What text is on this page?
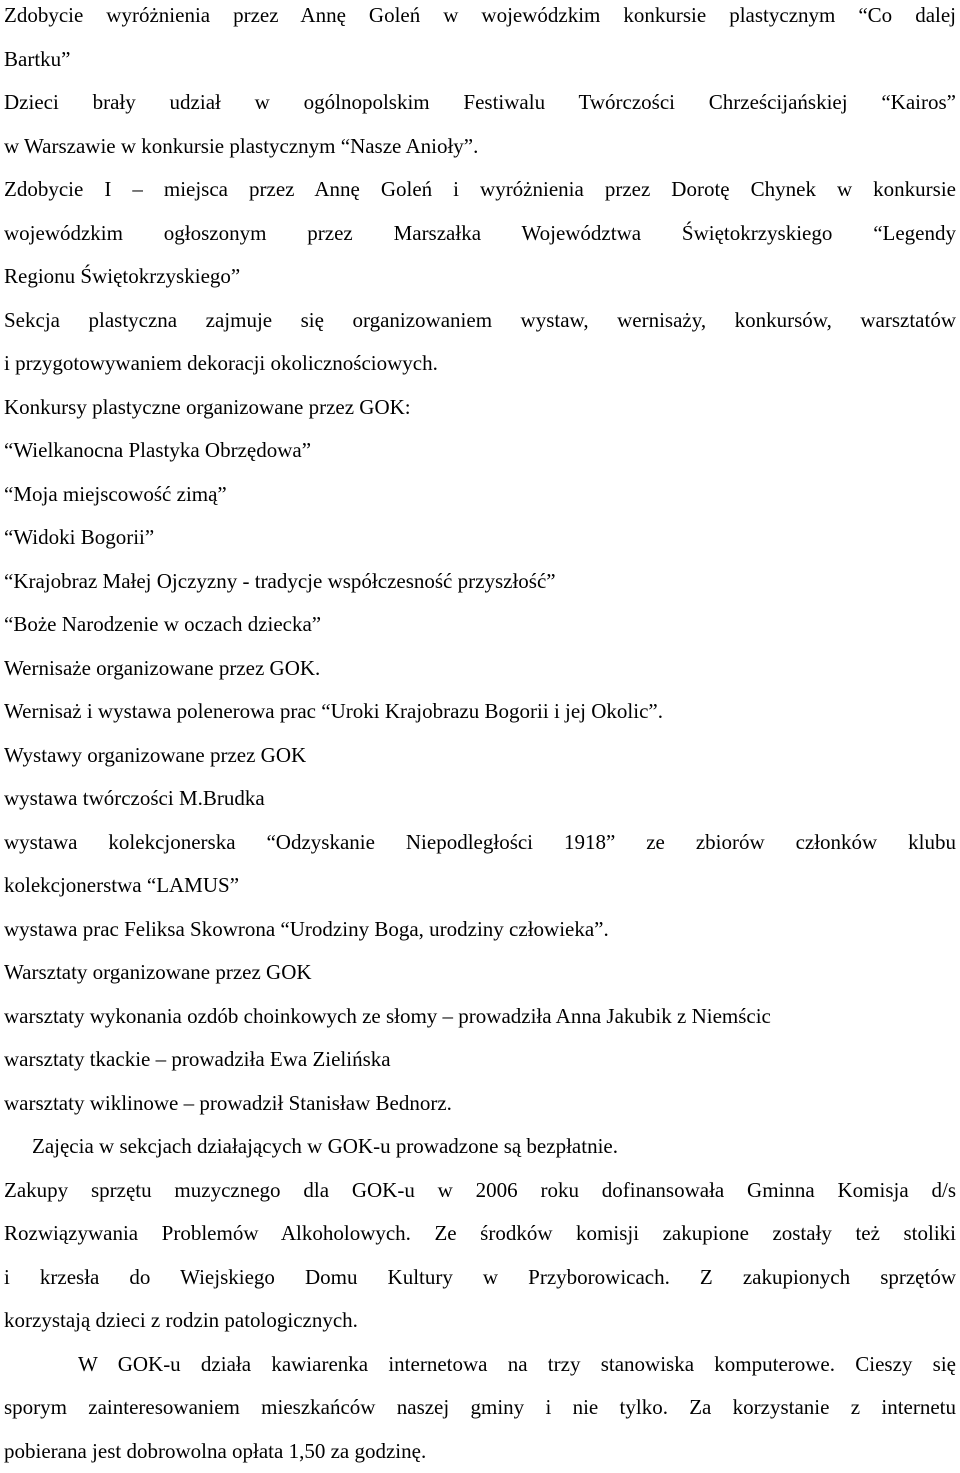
Zdobycie wyróżnienia przez Annę Goleń w wojewódzkim konkursie plastycznym “Co dalej

Bartku”

Dzieci brały udział w ogólnopolskim Festiwalu Twórczości Chrześcijańskiej “Kairos”

w Warszawie w konkursie plastycznym “Nasze Anioły”.

Zdobycie I – miejsca przez Annę Goleń i wyróżnienia przez Dorotę Chynek w konkursie

wojewódzkim ogłoszonym przez Marszałka Województwa Świętokrzyskiego “Legendy

Regionu Świętokrzyskiego”

Sekcja plastyczna zajmuje się organizowaniem wystaw, wernisaży, konkursów, warsztatów

i przygotowywaniem dekoracji okolicznościowych.

Konkursy plastyczne organizowane przez GOK:

“Wielkanocna Plastyka Obrzędowa”

“Moja miejscowość zimą”

“Widoki Bogorii”

“Krajobraz Małej Ojczyzny - tradycje współczesność przyszłość”

“Boże Narodzenie w oczach dziecka”

Wernisaże organizowane przez GOK.

Wernisaż i wystawa polenerowa prac “Uroki Krajobrazu Bogorii i jej Okolic”.

Wystawy organizowane przez GOK

wystawa twórczości M.Brudka

wystawa kolekcjonerska “Odzyskanie Niepodległości 1918” ze zbiorów członków klubu

kolekcjonerstwa “LAMUS”

wystawa prac Feliksa Skowrona “Urodziny Boga, urodziny człowieka”.

Warsztaty organizowane przez GOK

warsztaty wykonania ozdób choinkowych ze słomy – prowadziła Anna Jakubik z Niemścic

warsztaty tkackie – prowadziła Ewa Zielińska

warsztaty wiklinowe – prowadził Stanisław Bednorz.

Zajęcia w sekcjach działających w GOK-u prowadzone są bezpłatnie.

Zakupy sprzętu muzycznego dla GOK-u w 2006 roku dofinansowała Gminna Komisja d/s

Rozwiązywania Problemów Alkoholowych. Ze środków komisji zakupione zostały też stoliki

i krzesła do Wiejskiego Domu Kultury w Przyborowicach. Z zakupionych sprzętów

korzystają dzieci z rodzin patologicznych.

W GOK-u działa kawiarenka internetowa na trzy stanowiska komputerowe. Cieszy się

sporym zainteresowaniem mieszkańców naszej gminy i nie tylko. Za korzystanie z internetu

pobierana jest dobrowolna opłata 1,50 za godzinę.
